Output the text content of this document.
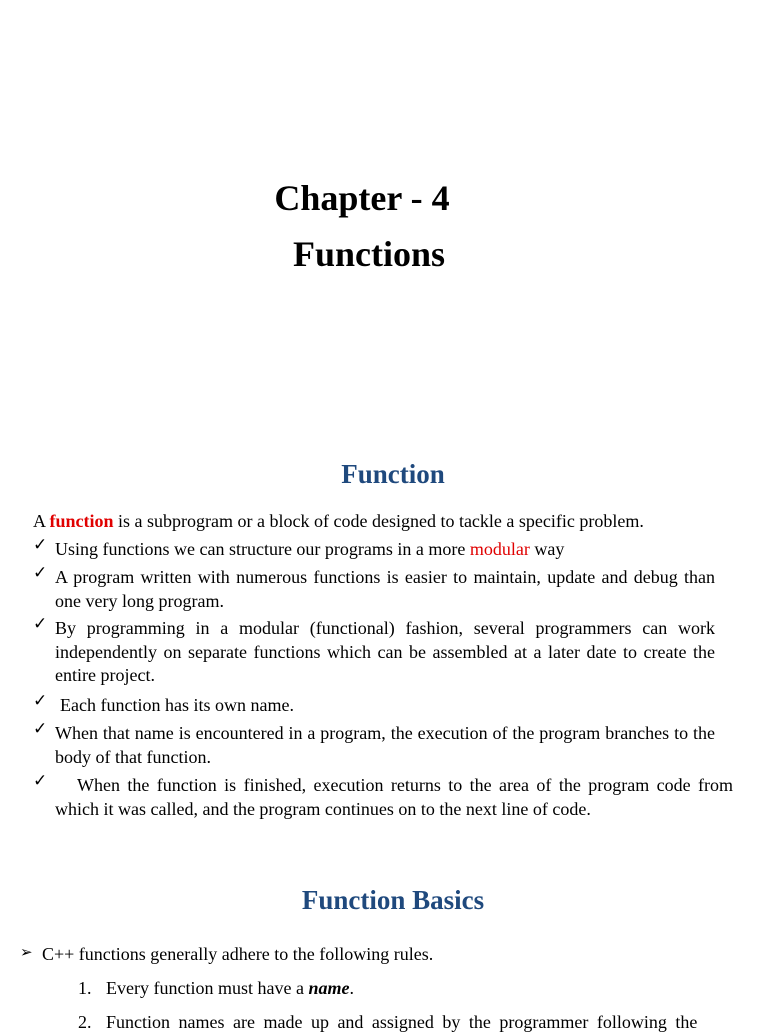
Chapter - 4
Functions
Function
A function is a subprogram or a block of code designed to tackle a specific problem.
✓ Using functions we can structure our programs in a more modular way
✓ A program written with numerous functions is easier to maintain, update and debug than one very long program.
✓ By programming in a modular (functional) fashion, several programmers can work independently on separate functions which can be assembled at a later date to create the entire project.
✓ Each function has its own name.
✓ When that name is encountered in a program, the execution of the program branches to the body of that function.
✓	When the function is finished, execution returns to the area of the program code from which it was called, and the program continues on to the next line of code.
Function Basics
➢ C++ functions generally adhere to the following rules.
1. Every function must have a name.
2. Function names are made up and assigned by the programmer following the
